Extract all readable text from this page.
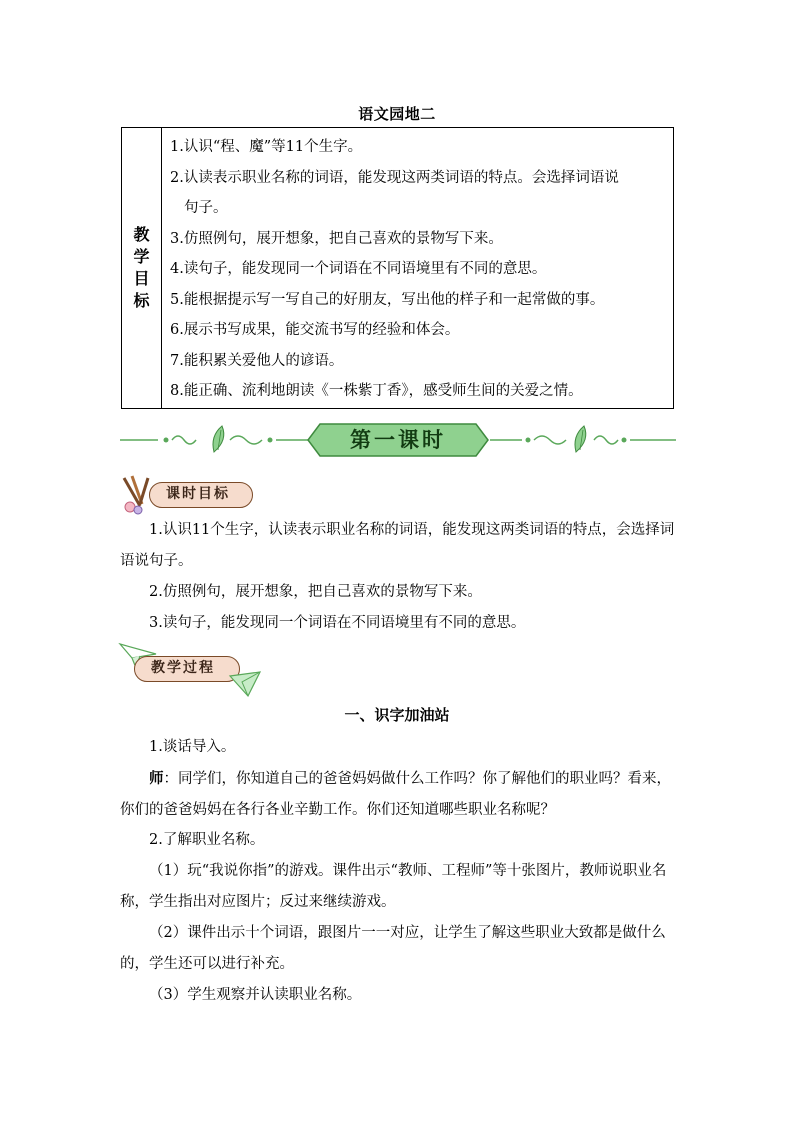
语文园地二
教
学
目
标
1.认识“程、魔”等11个生字。
2.认读表示职业名称的词语，能发现这两类词语的特点。会选择词语说
句子。
3.仿照例句，展开想象，把自己喜欢的景物写下来。
4.读句子，能发现同一个词语在不同语境里有不同的意思。
5.能根据提示写一写自己的好朋友，写出他的样子和一起常做的事。
6.展示书写成果，能交流书写的经验和体会。
7.能积累关爱他人的谚语。
8.能正确、流利地朗读《一株紫丁香》，感受师生间的关爱之情。
第一课时
课时目标
1.认识11个生字，认读表示职业名称的词语，能发现这两类词语的特点，会选择词语说句子。
2.仿照例句，展开想象，把自己喜欢的景物写下来。
3.读句子，能发现同一个词语在不同语境里有不同的意思。
教学过程
一、识字加油站
1.谈话导入。
师：同学们，你知道自己的爸爸妈妈做什么工作吗？你了解他们的职业吗？看来，你们的爸爸妈妈在各行各业辛勤工作。你们还知道哪些职业名称呢？
2.了解职业名称。
（1）玩“我说你指”的游戏。课件出示“教师、工程师”等十张图片，教师说职业名称，学生指出对应图片；反过来继续游戏。
（2）课件出示十个词语，跟图片一一对应，让学生了解这些职业大致都是做什么的，学生还可以进行补充。
（3）学生观察并认读职业名称。
